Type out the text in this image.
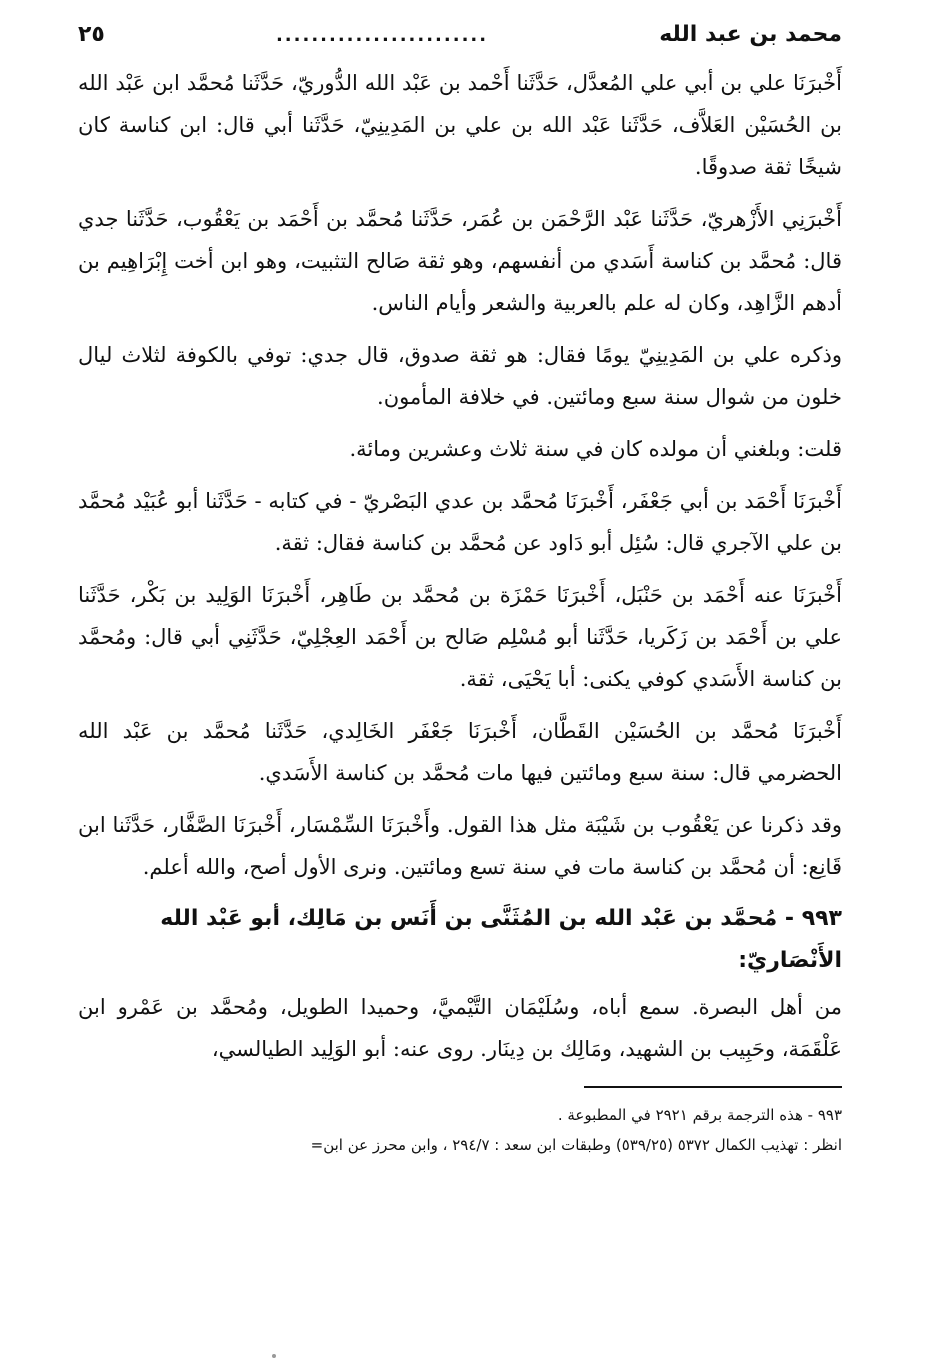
محمد بن عبد الله
........................
٢٥

أَخْبرَنَا علي بن أبي علي المُعدَّل، حَدَّثَنا أَحْمد بن عَبْد الله الدُّوريّ، حَدَّثَنا مُحمَّد ابن عَبْد الله بن الحُسَيْن العَلاَّف، حَدَّثَنا عَبْد الله بن علي بن المَدِينِيّ، حَدَّثَنا أبي قال: ابن كناسة كان شيخًا ثقة صدوقًا.

أَخْبرَنِي الأَزْهريّ، حَدَّثَنا عَبْد الرَّحْمَن بن عُمَر، حَدَّثَنا مُحمَّد بن أَحْمَد بن يَعْقُوب، حَدَّثَنا جدي قال: مُحمَّد بن كناسة أَسَدي من أنفسهم، وهو ثقة صَالح التثبيت، وهو ابن أخت إِبْرَاهِيم بن أدهم الزَّاهِد، وكان له علم بالعربية والشعر وأيام الناس.

وذكره علي بن المَدِينِيّ يومًا فقال: هو ثقة صدوق، قال جدي: توفي بالكوفة لثلاث ليال خلون من شوال سنة سبع ومائتين. في خلافة المأمون.

قلت: وبلغني أن مولده كان في سنة ثلاث وعشرين ومائة.

أَخْبرَنَا أَحْمَد بن أبي جَعْفَر، أَخْبرَنَا مُحمَّد بن عدي البَصْريّ - في كتابه - حَدَّثَنا أبو عُبَيْد مُحمَّد بن علي الآجري قال: سُئِل أبو دَاود عن مُحمَّد بن كناسة فقال: ثقة.

أَخْبرَنَا عنه أَحْمَد بن حَنْبَل، أَخْبرَنَا حَمْزَة بن مُحمَّد بن طَاهِر، أَخْبرَنَا الوَلِيد بن بَكْر، حَدَّثَنا علي بن أَحْمَد بن زَكَريا، حَدَّثَنا أبو مُسْلِم صَالح بن أَحْمَد العِجْلِيّ، حَدَّثَنِي أبي قال: ومُحمَّد بن كناسة الأَسَدي كوفي يكنى: أبا يَحْيَى، ثقة.

أَخْبرَنَا مُحمَّد بن الحُسَيْن القَطَّان، أَخْبرَنَا جَعْفَر الخَالِدي، حَدَّثَنا مُحمَّد بن عَبْد الله الحضرمي قال: سنة سبع ومائتين فيها مات مُحمَّد بن كناسة الأَسَدي.

وقد ذكرنا عن يَعْقُوب بن شَيْبَة مثل هذا القول. وأَخْبرَنَا السِّمْسَار، أَخْبرَنَا الصَّفَّار، حَدَّثَنا ابن قَانِع: أن مُحمَّد بن كناسة مات في سنة تسع ومائتين. ونرى الأول أصح، والله أعلم.

٩٩٣ - مُحمَّد بن عَبْد الله بن المُثَنَّى بن أَنَس بن مَالِك، أبو عَبْد الله الأَنْصَاريّ:

من أهل البصرة. سمع أباه، وسُلَيْمَان التَّيْميَّ، وحميدا الطويل، ومُحمَّد بن عَمْرو ابن عَلْقَمَة، وحَبِيب بن الشهيد، ومَالِك بن دِينَار. روى عنه: أبو الوَلِيد الطيالسي،

٩٩٣ - هذه الترجمة برقم ٢٩٢١ في المطبوعة .

انظر : تهذيب الكمال ٥٣٧٢ (٥٣٩/٢٥) وطبقات ابن سعد : ٢٩٤/٧ ، وابن محرز عن ابن=
